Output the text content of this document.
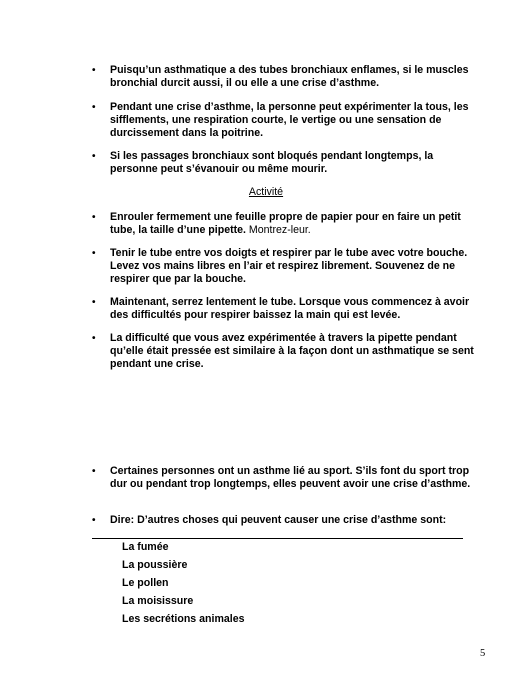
• Puisqu’un asthmatique a des tubes bronchiaux enflames, si le muscles bronchial durcit aussi, il ou elle a une crise d’asthme.
• Pendant une crise d’asthme, la personne peut expérimenter la tous, les sifflements, une respiration courte, le vertige ou une sensation de durcissement dans la poitrine.
• Si les passages bronchiaux sont bloqués pendant longtemps, la personne peut s’évanouir ou même mourir.
Activité
• Enrouler fermement une feuille propre de papier pour en faire un petit tube, la taille d’une pipette. Montrez-leur.
• Tenir le tube entre vos doigts et respirer par le tube avec votre bouche. Levez vos mains libres en l’air et respirez librement. Souvenez de ne respirer que par la bouche.
• Maintenant, serrez lentement le tube. Lorsque vous commencez à avoir des difficultés pour respirer baissez la main qui est levée.
• La difficulté que vous avez expérimentée à travers la pipette pendant qu’elle était pressée est similaire à la façon dont un asthmatique se sent pendant une crise.
• Certaines personnes ont un asthme lié au sport. S’ils font du sport trop dur ou pendant trop longtemps, elles peuvent avoir une crise d’asthme.
• Dire: D’autres choses qui peuvent causer une crise d’asthme sont:
La fumée
La poussière
Le pollen
La moisissure
Les secrétions animales
5
